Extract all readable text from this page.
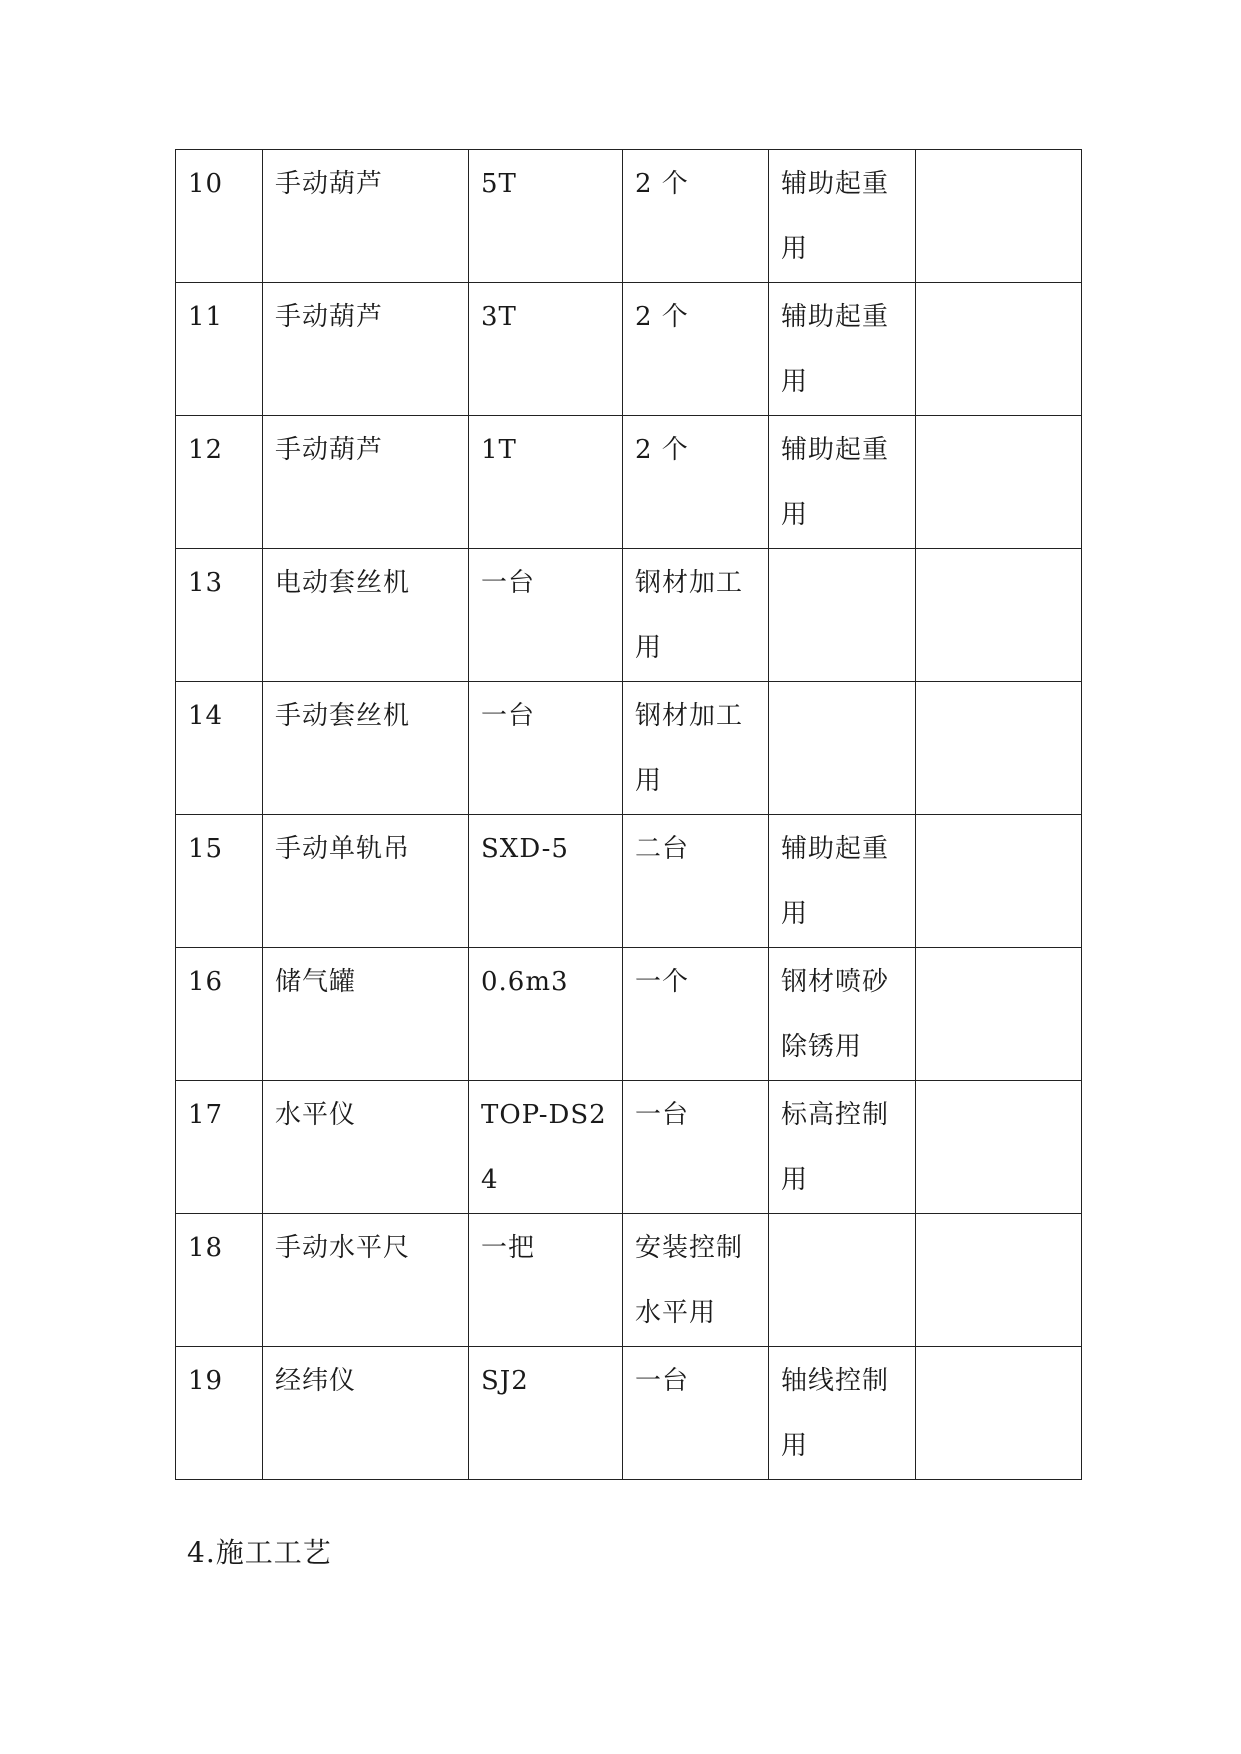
10	手动葫芦	5T	2 个	辅助起重用	

11	手动葫芦	3T	2 个	辅助起重用	

12	手动葫芦	1T	2 个	辅助起重用	

13	电动套丝机	一台	钢材加工用		

14	手动套丝机	一台	钢材加工用		

15	手动单轨吊	SXD-5	二台	辅助起重用	

16	储气罐	0.6m3	一个	钢材喷砂除锈用	

17	水平仪	TOP-DS24	一台	标高控制用	

18	手动水平尺	一把	安装控制水平用		

19	经纬仪	SJ2	一台	轴线控制用	

4.施工工艺
